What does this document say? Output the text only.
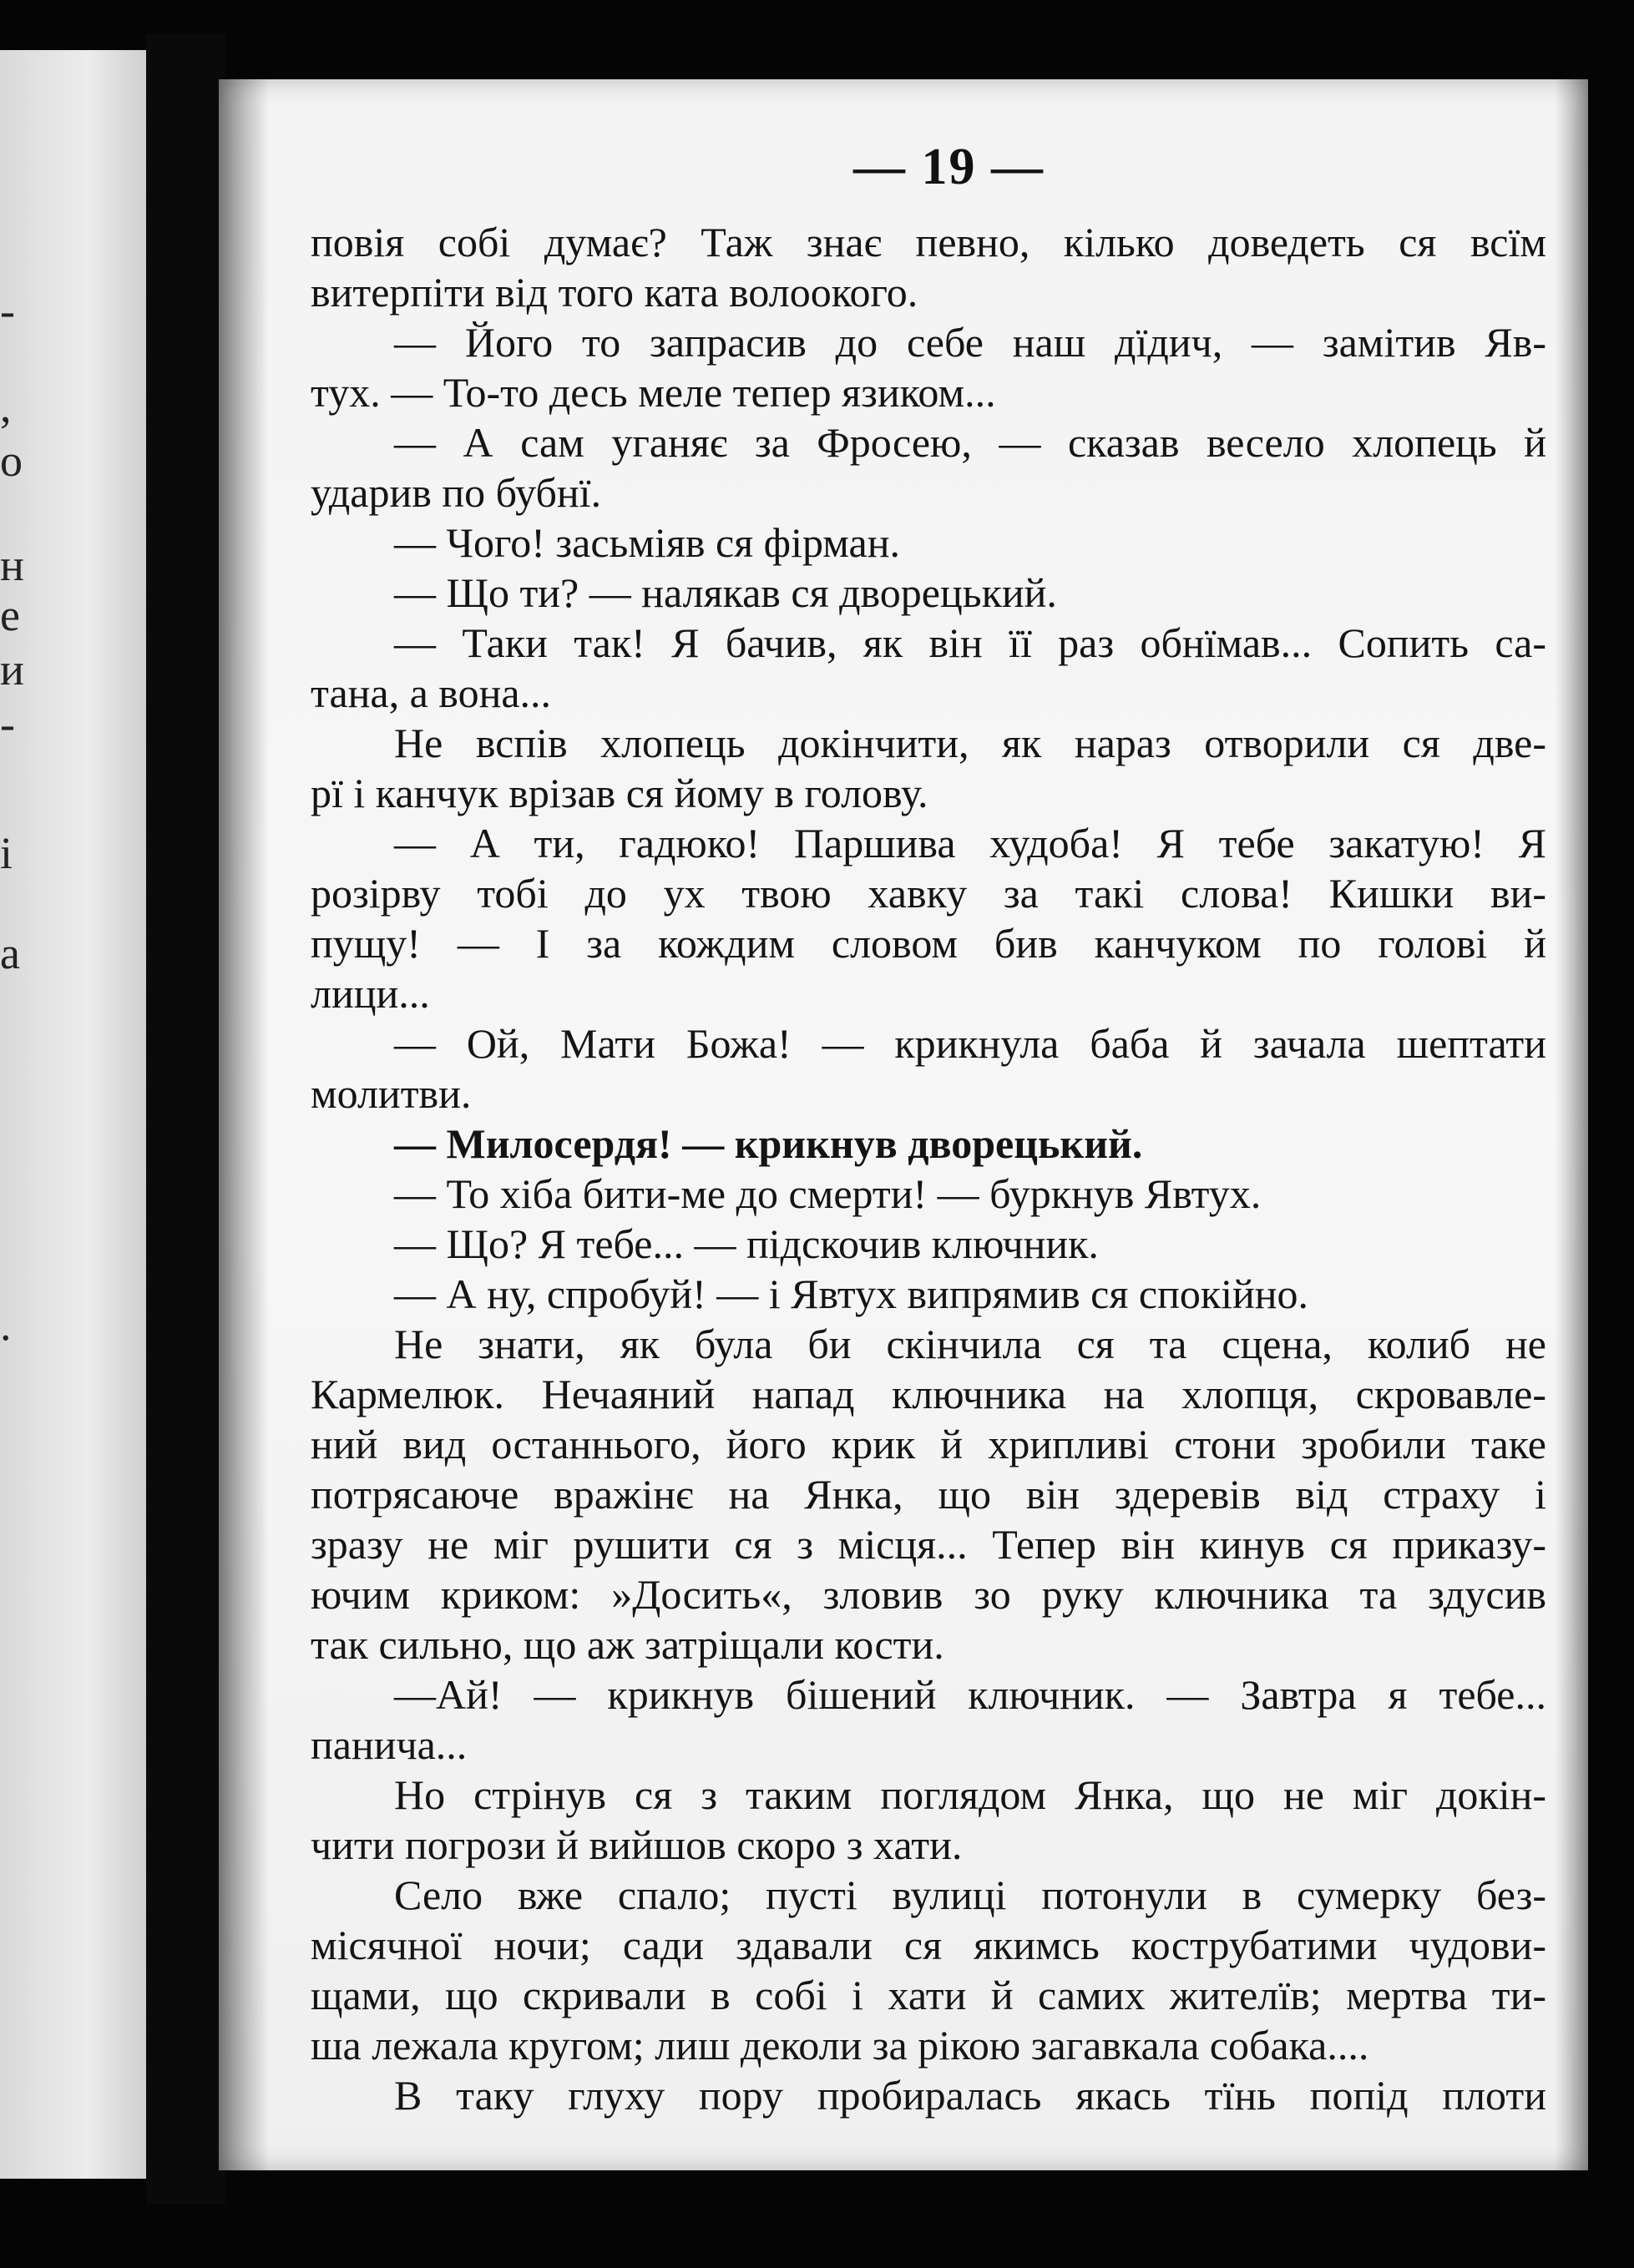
-
,
о
н
е
и
-
і
а
.
— 19 —
повія собі думає? Таж знає певно, кілько доведеть ся всїм
витерпіти від того ката волоокого.
— Його то запрасив до себе наш дїдич, — замітив Яв-
тух. — То-то десь меле тепер язиком...
— А сам уганяє за Фросею, — сказав весело хлопець й
ударив по бубнї.
— Чого! засьміяв ся фірман.
— Що ти? — налякав ся дворецький.
— Таки так! Я бачив, як він її раз обнїмав... Сопить са-
тана, а вона...
Не вспів хлопець докінчити, як нараз отворили ся две-
рї і канчук врізав ся йому в голову.
— А ти, гадюко! Паршива худоба! Я тебе закатую! Я
розірву тобі до ух твою хавку за такі слова! Кишки ви-
пущу! — І за кождим словом бив канчуком по голові й
лици...
— Ой, Мати Божа! — крикнула баба й зачала шептати
молитви.
— Милосердя! — крикнув дворецький.
— То хіба бити-ме до смерти! — буркнув Явтух.
— Що? Я тебе... — підскочив ключник.
— А ну, спробуй! — і Явтух випрямив ся спокійно.
Не знати, як була би скінчила ся та сцена, колиб не
Кармелюк. Нечаяний напад ключника на хлопця, скровавле-
ний вид останнього, його крик й хрипливі стони зробили таке
потрясаюче вражінє на Янка, що він здеревів від страху і
зразу не міг рушити ся з місця... Тепер він кинув ся приказу-
ючим криком: »Досить«, зловив зо руку ключника та здусив
так сильно, що аж затріщали кости.
—Ай! — крикнув бішений ключник. — Завтра я тебе...
панича...
Но стрінув ся з таким поглядом Янка, що не міг докін-
чити погрози й вийшов скоро з хати.
Село вже спало; пусті вулиці потонули в сумерку без-
місячної ночи; сади здавали ся якимсь кострубатими чудови-
щами, що скривали в собі і хати й самих жителїв; мертва ти-
ша лежала кругом; лиш деколи за рікою загавкала собака....
В таку глуху пору пробиралась якась тїнь попід плоти
